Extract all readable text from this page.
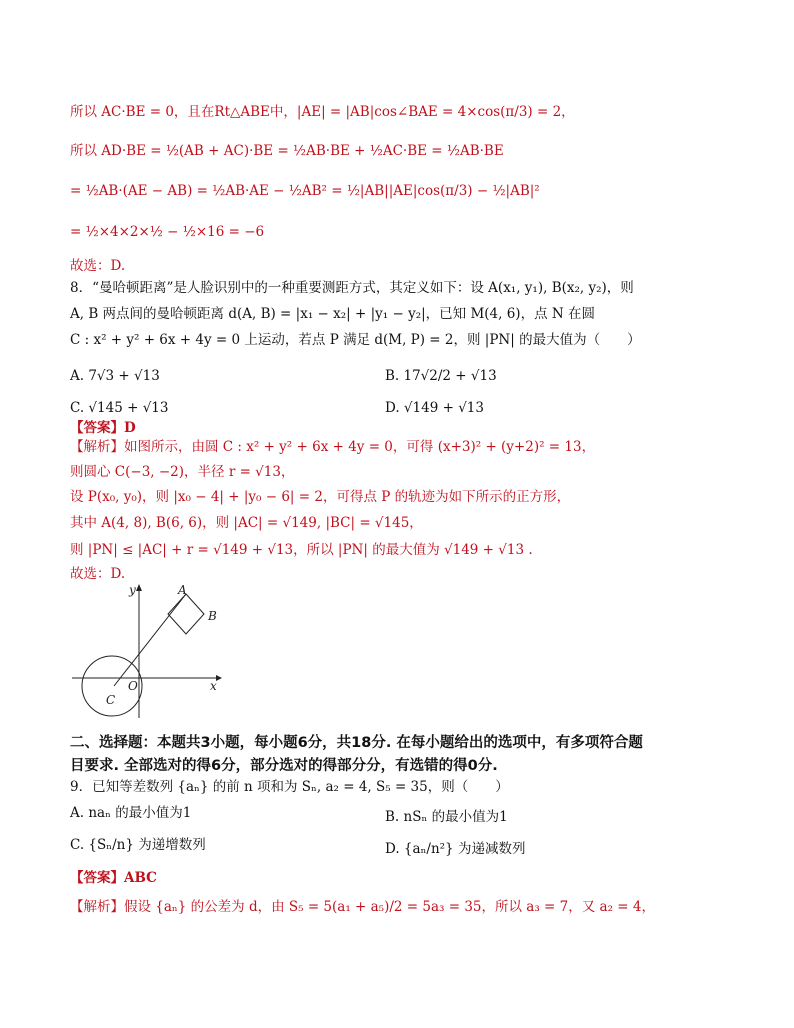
所以 AC·BE = 0，且在Rt△ABE中，|AE| = |AB|cos∠BAE = 4×cos(π/3) = 2，
所以 AD·BE = ½(AB + AC)·BE = ½AB·BE + ½AC·BE = ½AB·BE
= ½AB·(AE − AB) = ½AB·AE − ½AB² = ½|AB||AE|cos(π/3) − ½|AB|²
= ½×4×2×½ − ½×16 = −6
故选：D.
8．“曼哈顿距离”是人脸识别中的一种重要测距方式，其定义如下：设 A(x₁, y₁), B(x₂, y₂)，则
A, B 两点间的曼哈顿距离 d(A, B) = |x₁ − x₂| + |y₁ − y₂|，已知 M(4, 6)，点 N 在圆
C : x² + y² + 6x + 4y = 0 上运动，若点 P 满足 d(M, P) = 2，则 |PN| 的最大值为（　　）
A. 7√3 + √13	B. 17√2/2 + √13
C. √145 + √13	D. √149 + √13
【答案】D
【解析】如图所示，由圆 C : x² + y² + 6x + 4y = 0，可得 (x+3)² + (y+2)² = 13，
则圆心 C(−3, −2)，半径 r = √13，
设 P(x₀, y₀)，则 |x₀ − 4| + |y₀ − 6| = 2，可得点 P 的轨迹为如下所示的正方形，
其中 A(4, 8), B(6, 6)，则 |AC| = √149, |BC| = √145，
则 |PN| ≤ |AC| + r = √149 + √13，所以 |PN| 的最大值为 √149 + √13 .
故选：D.
y
x
O
A
B
C
二、选择题：本题共3小题，每小题6分，共18分. 在每小题给出的选项中，有多项符合题
目要求. 全部选对的得6分，部分选对的得部分分，有选错的得0分.
9．已知等差数列 {aₙ} 的前 n 项和为 Sₙ, a₂ = 4, S₅ = 35，则（　　）
A. naₙ 的最小值为1	B. nSₙ 的最小值为1
C. {Sₙ/n} 为递增数列	D. {aₙ/n²} 为递减数列
【答案】ABC
【解析】假设 {aₙ} 的公差为 d，由 S₅ = 5(a₁ + a₅)/2 = 5a₃ = 35，所以 a₃ = 7，又 a₂ = 4，
